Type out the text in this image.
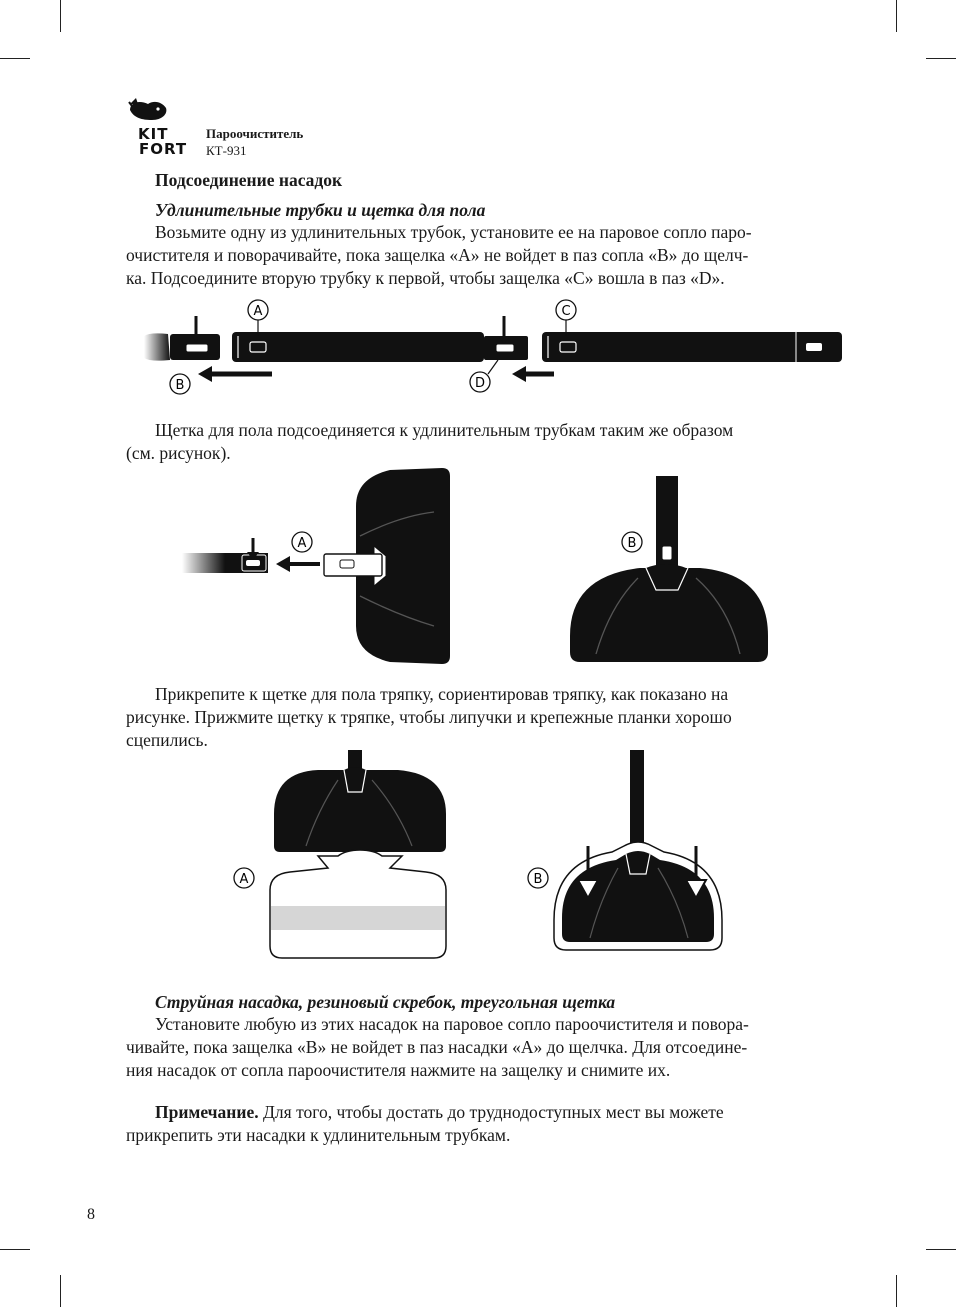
KIT
FORT
Пароочиститель
КТ-931
Подсоединение насадок
Удлинительные трубки и щетка для пола
Возьмите одну из удлинительных трубок, установите ее на паровое сопло паро-
очистителя и поворачивайте, пока защелка «А» не войдет в паз сопла «В» до щелч-
ка. Подсоедините вторую трубку к первой, чтобы защелка «С» вошла в паз «D».
B
A
D
C
Щетка для пола подсоединяется к удлинительным трубкам таким же образом
(см. рисунок).
A	B
Прикрепите к щетке для пола тряпку, сориентировав тряпку, как показано на
рисунке. Прижмите щетку к тряпке, чтобы липучки и крепежные планки хорошо
сцепились.
A	B
Струйная насадка, резиновый скребок, треугольная щетка
Установите любую из этих насадок на паровое сопло пароочистителя и повора-
чивайте, пока защелка «В» не войдет в паз насадки «А» до щелчка. Для отсоедине-
ния насадок от сопла пароочистителя нажмите на защелку и снимите их.
Примечание. Для того, чтобы достать до труднодоступных мест вы можете
прикрепить эти насадки к удлинительным трубкам.
8
